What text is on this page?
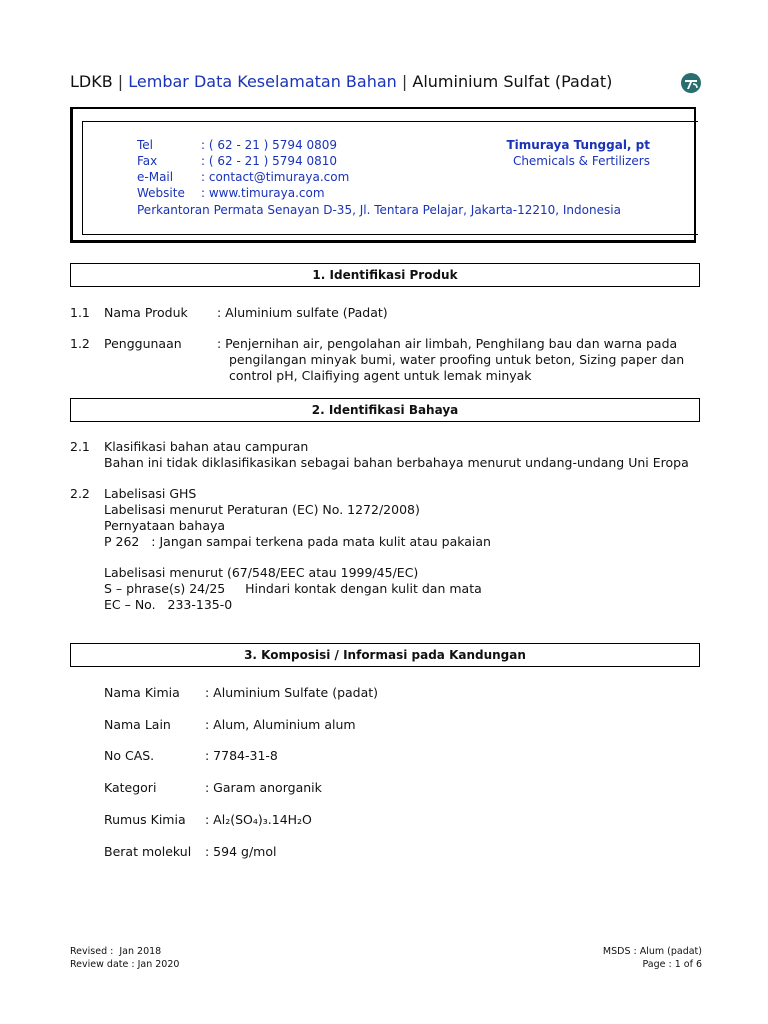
LDKB | Lembar Data Keselamatan Bahan | Aluminium Sulfat (Padat)
Tel	: ( 62 - 21 ) 5794 0809
Fax	: ( 62 - 21 ) 5794 0810
e-Mail : contact@timuraya.com
Website : www.timuraya.com
Perkantoran Permata Senayan D-35, Jl. Tentara Pelajar, Jakarta-12210, Indonesia
Timuraya Tunggal, pt
Chemicals & Fertilizers
1. Identifikasi Produk
1.1 Nama Produk : Aluminium sulfate (Padat)
1.2 Penggunaan	: Penjernihan air, pengolahan air limbah, Penghilang bau dan warna pada
pengilangan minyak bumi, water proofing untuk beton, Sizing paper dan
control pH, Claifiying agent untuk lemak minyak
2. Identifikasi Bahaya
2.1 Klasifikasi bahan atau campuran
Bahan ini tidak diklasifikasikan sebagai bahan berbahaya menurut undang-undang Uni Eropa
2.2 Labelisasi GHS
Labelisasi menurut Peraturan (EC) No. 1272/2008)
Pernyataan bahaya
P 262   : Jangan sampai terkena pada mata kulit atau pakaian
Labelisasi menurut (67/548/EEC atau 1999/45/EC)
S – phrase(s) 24/25     Hindari kontak dengan kulit dan mata
EC – No.   233-135-0
3. Komposisi / Informasi pada Kandungan
Nama Kimia : Aluminium Sulfate (padat)
Nama Lain	: Alum, Aluminium alum
No CAS.	: 7784-31-8
Kategori	: Garam anorganik
Rumus Kimia : Al₂(SO₄)₃.14H₂O
Berat molekul : 594 g/mol
Revised :  Jan 2018
Review date : Jan 2020
MSDS : Alum (padat)
Page : 1 of 6
